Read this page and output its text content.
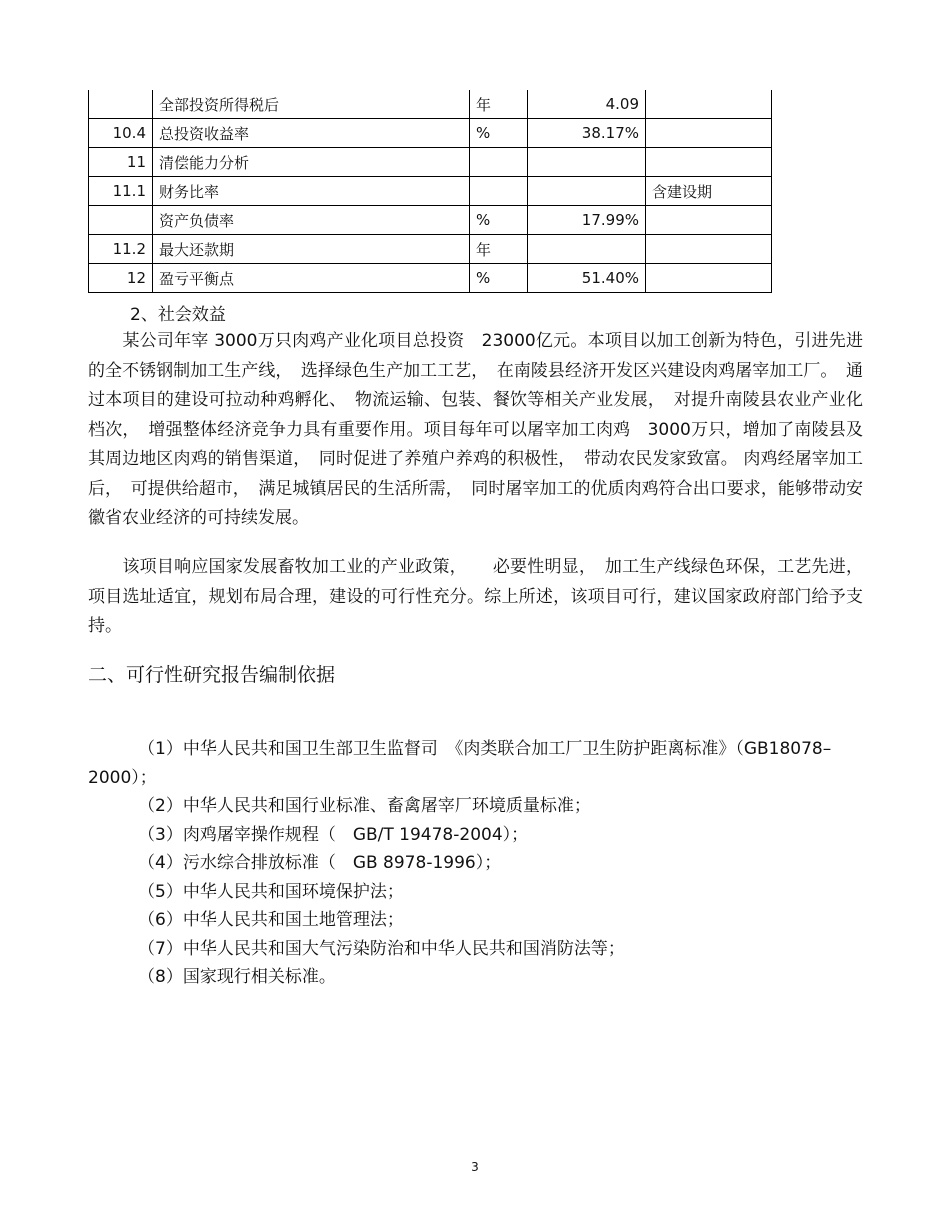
	全部投资所得税后	年	4.09	
10.4	总投资收益率	%	38.17%	
11	清偿能力分析			
11.1	财务比率			含建设期
	资产负债率	%	17.99%	
11.2	最大还款期	年		
12	盈亏平衡点	%	51.40%	

2、社会效益

　　某公司年宰 3000万只肉鸡产业化项目总投资　23000亿元。本项目以加工创新为特色，引进先进的全不锈钢制加工生产线，　选择绿色生产加工工艺，　在南陵县经济开发区兴建设肉鸡屠宰加工厂。　通过本项目的建设可拉动种鸡孵化、　物流运输、包装、餐饮等相关产业发展，　对提升南陵县农业产业化档次，　增强整体经济竞争力具有重要作用。项目每年可以屠宰加工肉鸡　3000万只，增加了南陵县及其周边地区肉鸡的销售渠道，　同时促进了养殖户养鸡的积极性，　带动农民发家致富。 肉鸡经屠宰加工后，　可提供给超市，　满足城镇居民的生活所需，　同时屠宰加工的优质肉鸡符合出口要求，能够带动安徽省农业经济的可持续发展。

　　该项目响应国家发展畜牧加工业的产业政策，　　必要性明显，　加工生产线绿色环保，工艺先进，项目选址适宜，规划布局合理，建设的可行性充分。综上所述，该项目可行，建议国家政府部门给予支持。

二、可行性研究报告编制依据
（1）中华人民共和国卫生部卫生监督司　《肉类联合加工厂卫生防护距离标准》（GB18078–2000）；
（2）中华人民共和国行业标准、畜禽屠宰厂环境质量标准；
（3）肉鸡屠宰操作规程（　GB/T 19478-2004）；
（4）污水综合排放标准（　GB 8978-1996）；
（5）中华人民共和国环境保护法；
（6）中华人民共和国土地管理法；
（7）中华人民共和国大气污染防治和中华人民共和国消防法等；
（8）国家现行相关标准。
3
